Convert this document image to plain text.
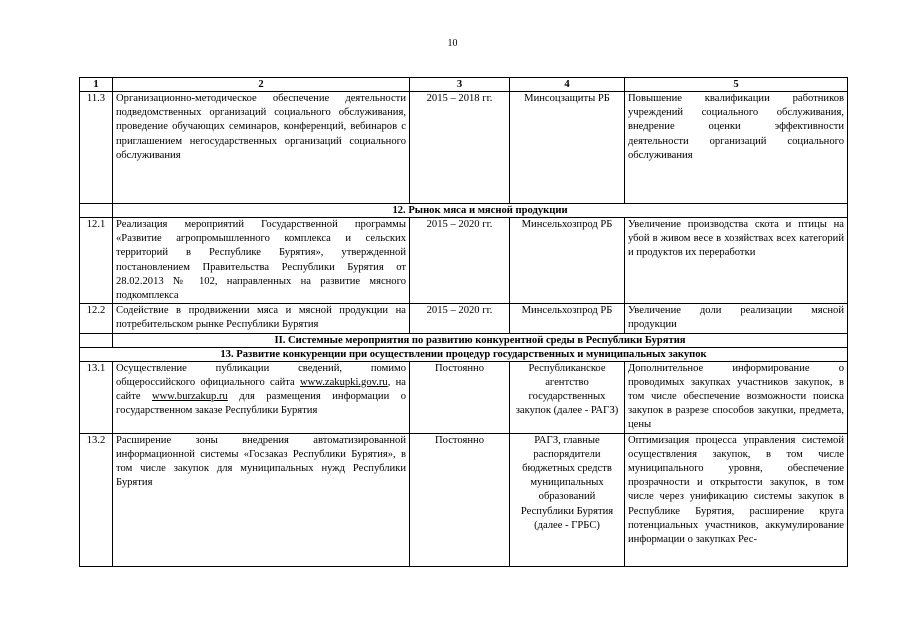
10
1	2	3	4	5
11.3	Организационно-методическое обеспечение деятельности подведомственных организаций социального обслуживания, проведение обучающих семинаров, конференций, вебинаров с приглашением негосударственных организаций социального обслуживания	2015 – 2018 гг.	Минсоцзащиты РБ	Повышение квалификации работников учреждений социального обслуживания, внедрение оценки эффективности деятельности организаций социального обслуживания
	12. Рынок мяса и мясной продукции			
12.1	Реализация мероприятий Государственной программы «Развитие агропромышленного комплекса и сельских территорий в Республике Бурятия», утвержденной постановлением Правительства Республики Бурятия от 28.02.2013 № 102, направленных на развитие мясного подкомплекса	2015 – 2020 гг.	Минсельхозпрод РБ	Увеличение производства скота и птицы на убой в живом весе в хозяйствах всех категорий и продуктов их переработки
12.2	Содействие в продвижении мяса и мясной продукции на потребительском рынке Республики Бурятия	2015 – 2020 гг.	Минсельхозпрод РБ	Увеличение доли реализации мясной продукции
	II. Системные мероприятия по развитию конкурентной среды в Республики Бурятия			
13. Развитие конкуренции при осуществлении процедур государственных и муниципальных закупок				
13.1	Осуществление публикации сведений, помимо общероссийского официального сайта www.zakupki.gov.ru, на сайте www.burzakup.ru для размещения информации о государственном заказе Республики Бурятия	Постоянно	Республиканское агентство государственных закупок (далее - РАГЗ)	Дополнительное информирование о проводимых закупках участников закупок, в том числе обеспечение возможности поиска закупок в разрезе способов закупки, предмета, цены
13.2	Расширение зоны внедрения автоматизированной информационной системы «Госзаказ Республики Бурятия», в том числе закупок для муниципальных нужд Республики Бурятия	Постоянно	РАГЗ, главные распорядители бюджетных средств муниципальных образований Республики Бурятия (далее - ГРБС)	Оптимизация процесса управления системой осуществления закупок, в том числе муниципального уровня, обеспечение прозрачности и открытости закупок, в том числе через унификацию системы закупок в Республике Бурятия, расширение круга потенциальных участников, аккумулирование информации о закупках Рес-
